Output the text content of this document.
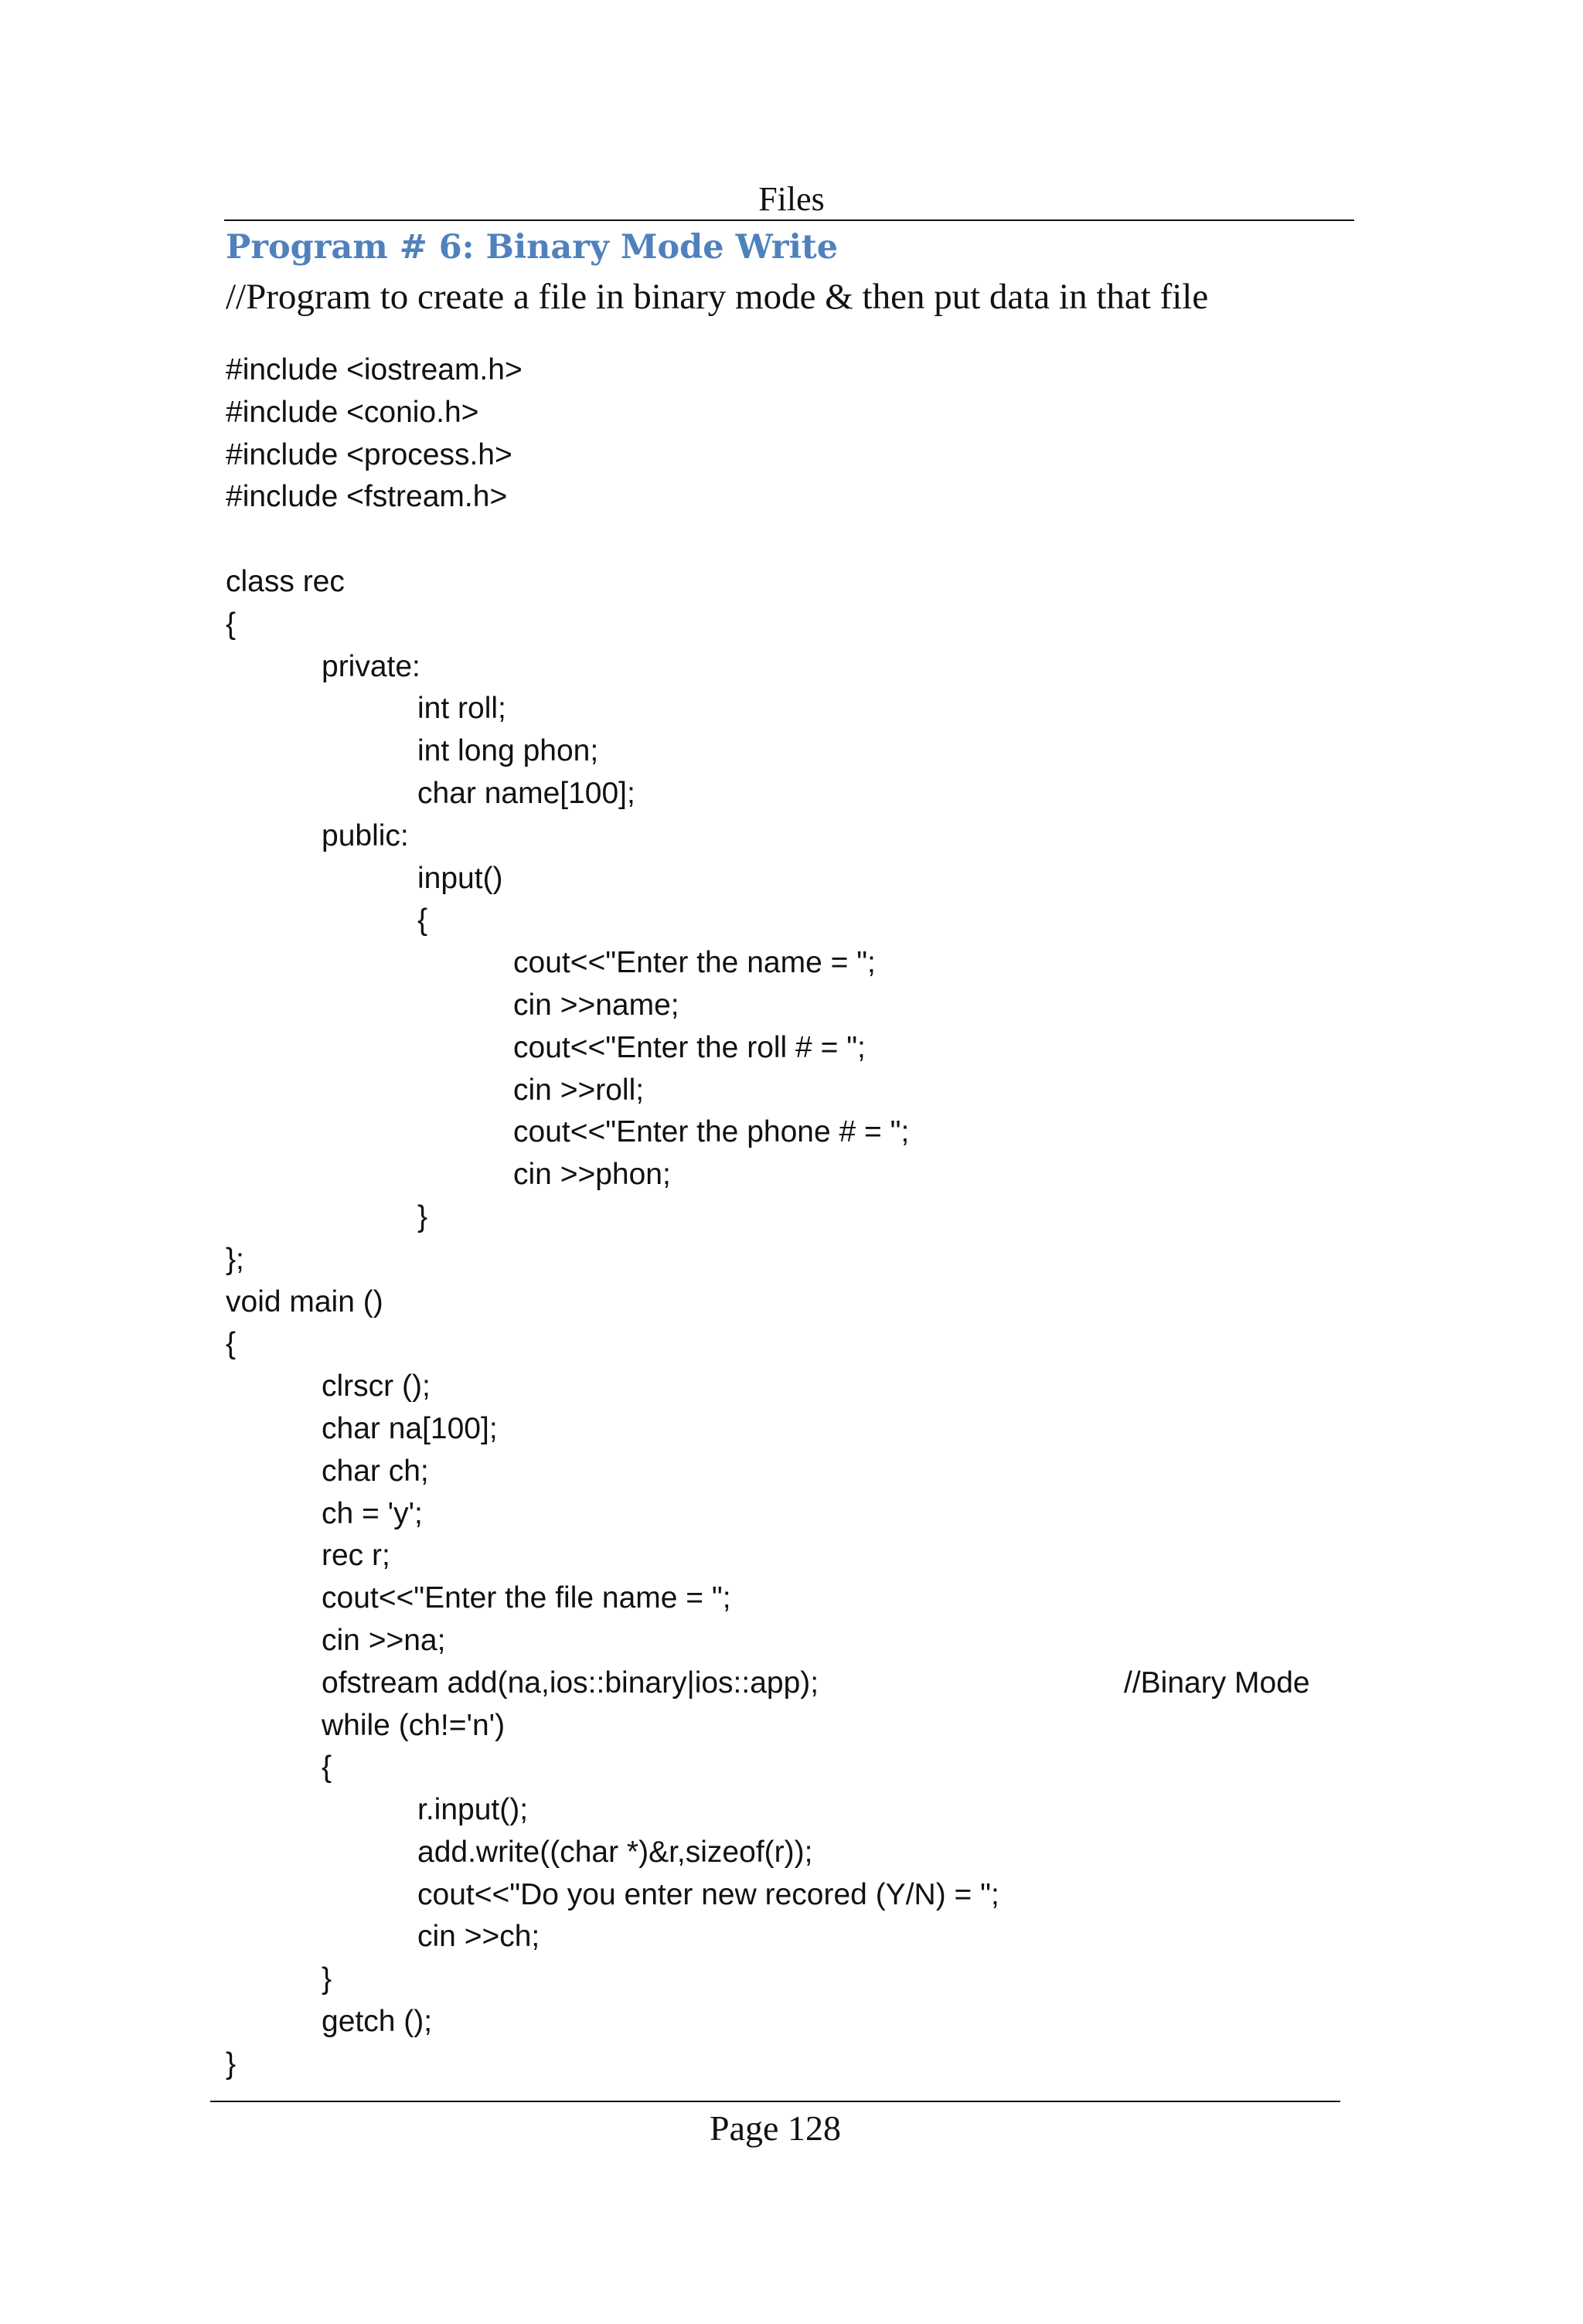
Files
Program # 6: Binary Mode Write
//Program to create a file in binary mode & then put data in that file
#include <iostream.h>
#include <conio.h>
#include <process.h>
#include <fstream.h>
class rec
{
private:
int roll;
int long phon;
char name[100];
public:
input()
{
cout<<"Enter the name = ";
cin >>name;
cout<<"Enter the roll # = ";
cin >>roll;
cout<<"Enter the phone # = ";
cin >>phon;
}
};
void main ()
{
clrscr ();
char na[100];
char ch;
ch = 'y';
rec r;
cout<<"Enter the file name = ";
cin >>na;
ofstream add(na,ios::binary|ios::app);	//Binary Mode
while (ch!='n')
{
r.input();
add.write((char *)&r,sizeof(r));
cout<<"Do you enter new recored (Y/N) = ";
cin >>ch;
}
getch ();
}
Page 128
